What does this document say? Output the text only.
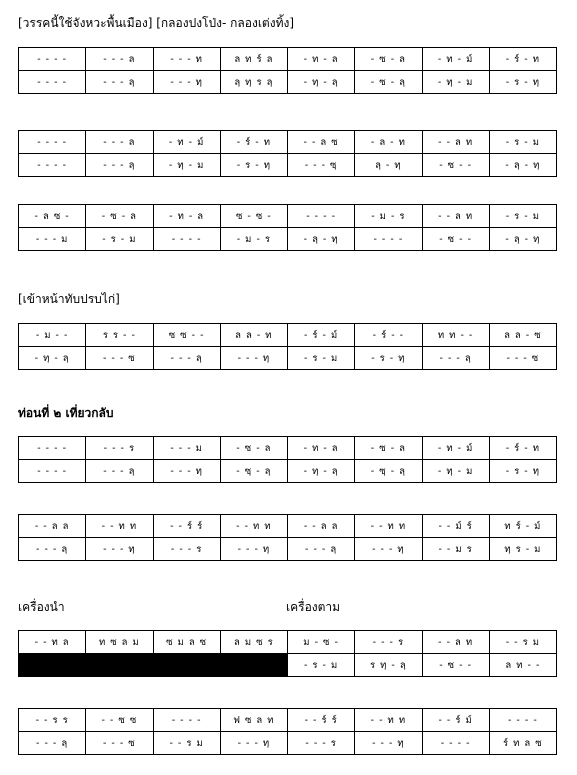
[วรรคนี้ใช้จังหวะพื้นเมือง] [กลองปงโป่ง- กลองเต่งทิ้ง]
[เข้าหน้าทับปรบไก่]
ท่อนที่ ๒ เที่ยวกลับ
เครื่องนำ	เครื่องตาม
- - - -	- - - ล	- - - ท	ล ท ร์ ล	- ท - ล	- ซ - ล	- ท - ม์	- ร์ - ท
- - - -	- - - ลฺ	- - - ทฺ	ลฺ ทฺ ร ลฺ	- ทฺ - ลฺ	- ซ - ลฺ	- ทฺ - ม	- ร - ทฺ
- - - -	- - - ล	- ท - ม์	- ร์ - ท	- - ล ซ	- ล - ท	- - ล ท	- ร - ม
- - - -	- - - ลฺ	- ทฺ - ม	- ร - ทฺ	- - - ซฺ	ลฺ - ทฺ	- ซ - -	- ลฺ - ทฺ
- ล ซ -	- ซ - ล	- ท - ล	ซ - ซ -	- - - -	- ม - ร	- - ล ท	- ร - ม
- - - ม	- ร - ม	- - - -	- ม - ร	- ลฺ - ทฺ	- - - -	- ซ - -	- ลฺ - ทฺ
- ม - -	ร ร - -	ซ ซ - -	ล ล - ท	- ร์ - ม์	- ร์ - -	ท ท - -	ล ล - ซ
- ทฺ - ลฺ	- - - ซ	- - - ลฺ	- - - ทฺ	- ร - ม	- ร - ทฺ	- - - ลฺ	- - - ซ
- - - -	- - - ร	- - - ม	- ซ - ล	- ท - ล	- ซ - ล	- ท - ม์	- ร์ - ท
- - - -	- - - ลฺ	- - - ทฺ	- ซฺ - ลฺ	- ทฺ - ลฺ	- ซฺ - ลฺ	- ทฺ - ม	- ร - ทฺ
- - ล ล	- - ท ท	- - ร์ ร์	- - ท ท	- - ล ล	- - ท ท	- - ม์ ร์	ท ร์ - ม์
- - - ลฺ	- - - ทฺ	- - - ร	- - - ทฺ	- - - ลฺ	- - - ทฺ	- - ม ร	ทฺ ร - ม
- - ท ล	ท ซ ล ม	ซ ม ล ซ	ล ม ซ ร	ม - ซ -	- - - ร	- - ล ท	- - ร ม
				- ร - ม	ร ทฺ - ลฺ	- ซ - -	ล ท - -
- - ร ร	- - ซ ซ	- - - -	ฟ ซ ล ท	- - ร์ ร์	- - ท ท	- - ร์ ม์	- - - -
- - - ลฺ	- - - ซ	- - ร ม	- - - ทฺ	- - - ร	- - - ทฺ	- - - -	ร์ ท ล ซ
